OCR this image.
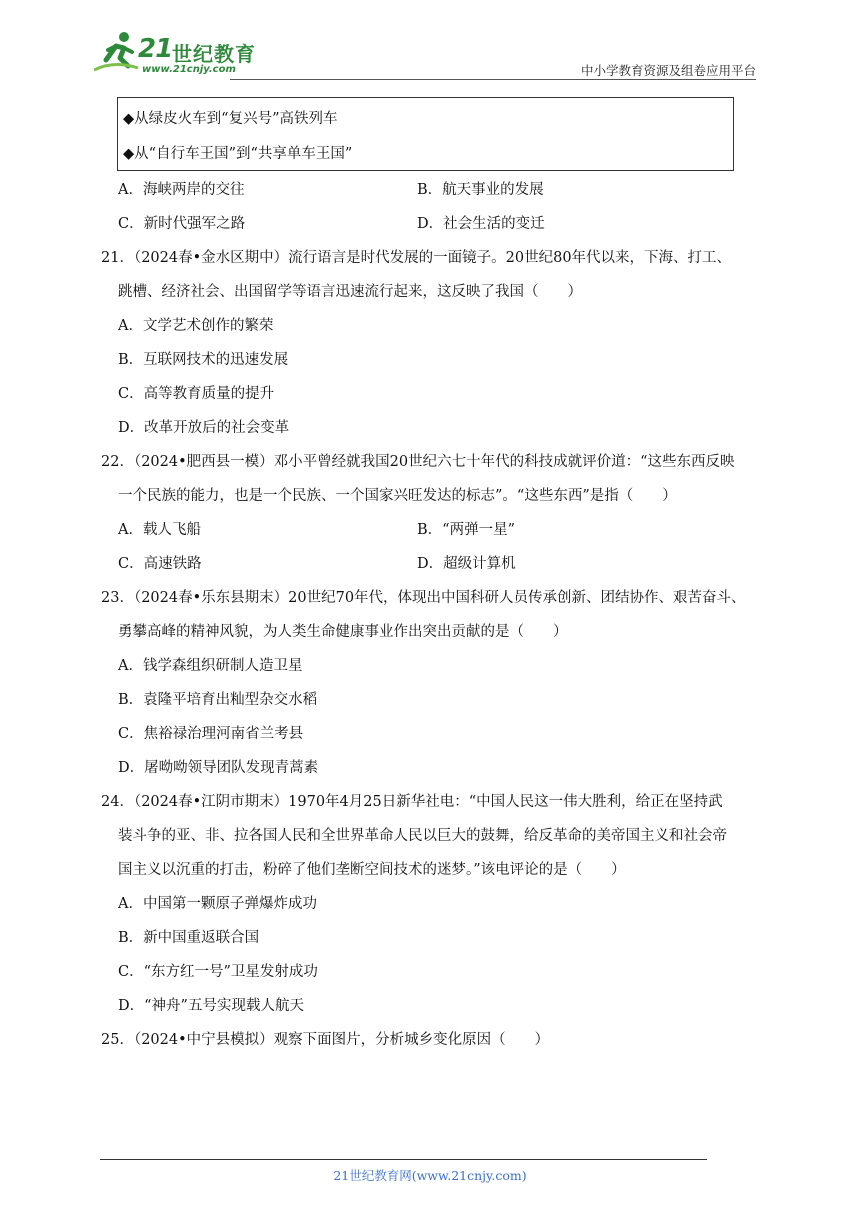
21 世纪教育
www.21cnjy.com	中小学教育资源及组卷应用平台
◆从绿皮火车到“复兴号”高铁列车
◆从“自行车王国”到“共享单车王国”
A．海峡两岸的交往	B．航天事业的发展
C．新时代强军之路	D．社会生活的变迁
21．（2024春•金水区期中）流行语言是时代发展的一面镜子。20世纪80年代以来，下海、打工、
跳槽、经济社会、出国留学等语言迅速流行起来，这反映了我国（　　）
A．文学艺术创作的繁荣
B．互联网技术的迅速发展
C．高等教育质量的提升
D．改革开放后的社会变革
22．（2024•肥西县一模）邓小平曾经就我国20世纪六七十年代的科技成就评价道：“这些东西反映
一个民族的能力，也是一个民族、一个国家兴旺发达的标志”。“这些东西”是指（　　）
A．载人飞船	B．“两弹一星”
C．高速铁路	D．超级计算机
23．（2024春•乐东县期末）20世纪70年代，体现出中国科研人员传承创新、团结协作、艰苦奋斗、
勇攀高峰的精神风貌，为人类生命健康事业作出突出贡献的是（　　）
A．钱学森组织研制人造卫星
B．袁隆平培育出籼型杂交水稻
C．焦裕禄治理河南省兰考县
D．屠呦呦领导团队发现青蒿素
24．（2024春•江阴市期末）1970年4月25日新华社电：“中国人民这一伟大胜利，给正在坚持武
装斗争的亚、非、拉各国人民和全世界革命人民以巨大的鼓舞，给反革命的美帝国主义和社会帝
国主义以沉重的打击，粉碎了他们垄断空间技术的迷梦。”该电评论的是（　　）
A．中国第一颗原子弹爆炸成功
B．新中国重返联合国
C．“东方红一号”卫星发射成功
D．“神舟”五号实现载人航天
25．（2024•中宁县模拟）观察下面图片，分析城乡变化原因（　　）
21世纪教育网(www.21cnjy.com)
